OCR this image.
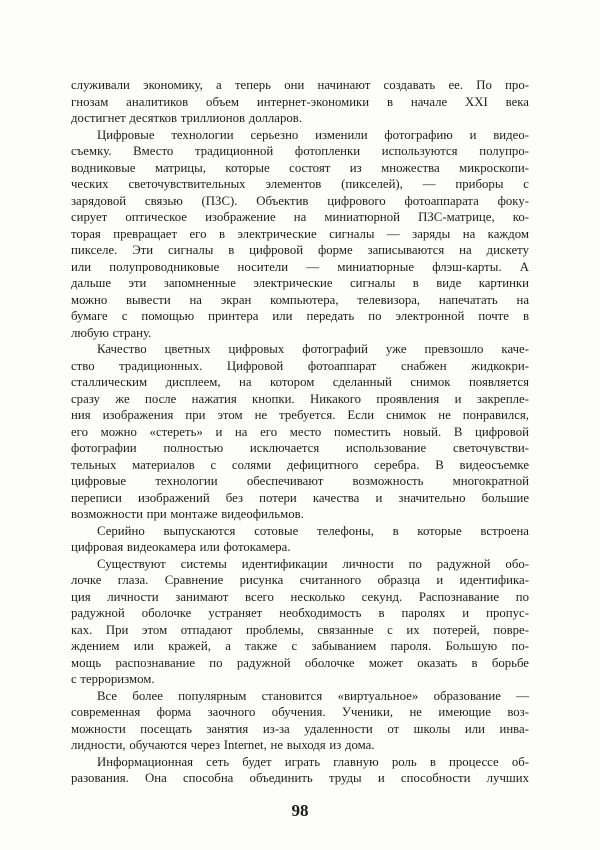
служивали экономику, а теперь они начинают создавать ее. По про-
гнозам аналитиков объем интернет-экономики в начале XXI века
достигнет десятков триллионов долларов.
Цифровые технологии серьезно изменили фотографию и видео-
съемку. Вместо традиционной фотопленки используются полупро-
водниковые матрицы, которые состоят из множества микроскопи-
ческих светочувствительных элементов (пикселей), — приборы с
зарядовой связью (ПЗС). Объектив цифрового фотоаппарата фоку-
сирует оптическое изображение на миниатюрной ПЗС-матрице, ко-
торая превращает его в электрические сигналы — заряды на каждом
пикселе. Эти сигналы в цифровой форме записываются на дискету
или полупроводниковые носители — миниатюрные флэш-карты. А
дальше эти запомненные электрические сигналы в виде картинки
можно вывести на экран компьютера, телевизора, напечатать на
бумаге с помощью принтера или передать по электронной почте в
любую страну.
Качество цветных цифровых фотографий уже превзошло каче-
ство традиционных. Цифровой фотоаппарат снабжен жидкокри-
сталлическим дисплеем, на котором сделанный снимок появляется
сразу же после нажатия кнопки. Никакого проявления и закрепле-
ния изображения при этом не требуется. Если снимок не понравился,
его можно «стереть» и на его место поместить новый. В цифровой
фотографии полностью исключается использование светочувстви-
тельных материалов с солями дефицитного серебра. В видеосъемке
цифровые технологии обеспечивают возможность многократной
переписи изображений без потери качества и значительно большие
возможности при монтаже видеофильмов.
Серийно выпускаются сотовые телефоны, в которые встроена
цифровая видеокамера или фотокамера.
Существуют системы идентификации личности по радужной обо-
лочке глаза. Сравнение рисунка считанного образца и идентифика-
ция личности занимают всего несколько секунд. Распознавание по
радужной оболочке устраняет необходимость в паролях и пропус-
ках. При этом отпадают проблемы, связанные с их потерей, повре-
ждением или кражей, а также с забыванием пароля. Большую по-
мощь распознавание по радужной оболочке может оказать в борьбе
с терроризмом.
Все более популярным становится «виртуальное» образование —
современная форма заочного обучения. Ученики, не имеющие воз-
можности посещать занятия из-за удаленности от школы или инва-
лидности, обучаются через Internet, не выходя из дома.
Информационная сеть будет играть главную роль в процессе об-
разования. Она способна объединить труды и способности лучших
98
